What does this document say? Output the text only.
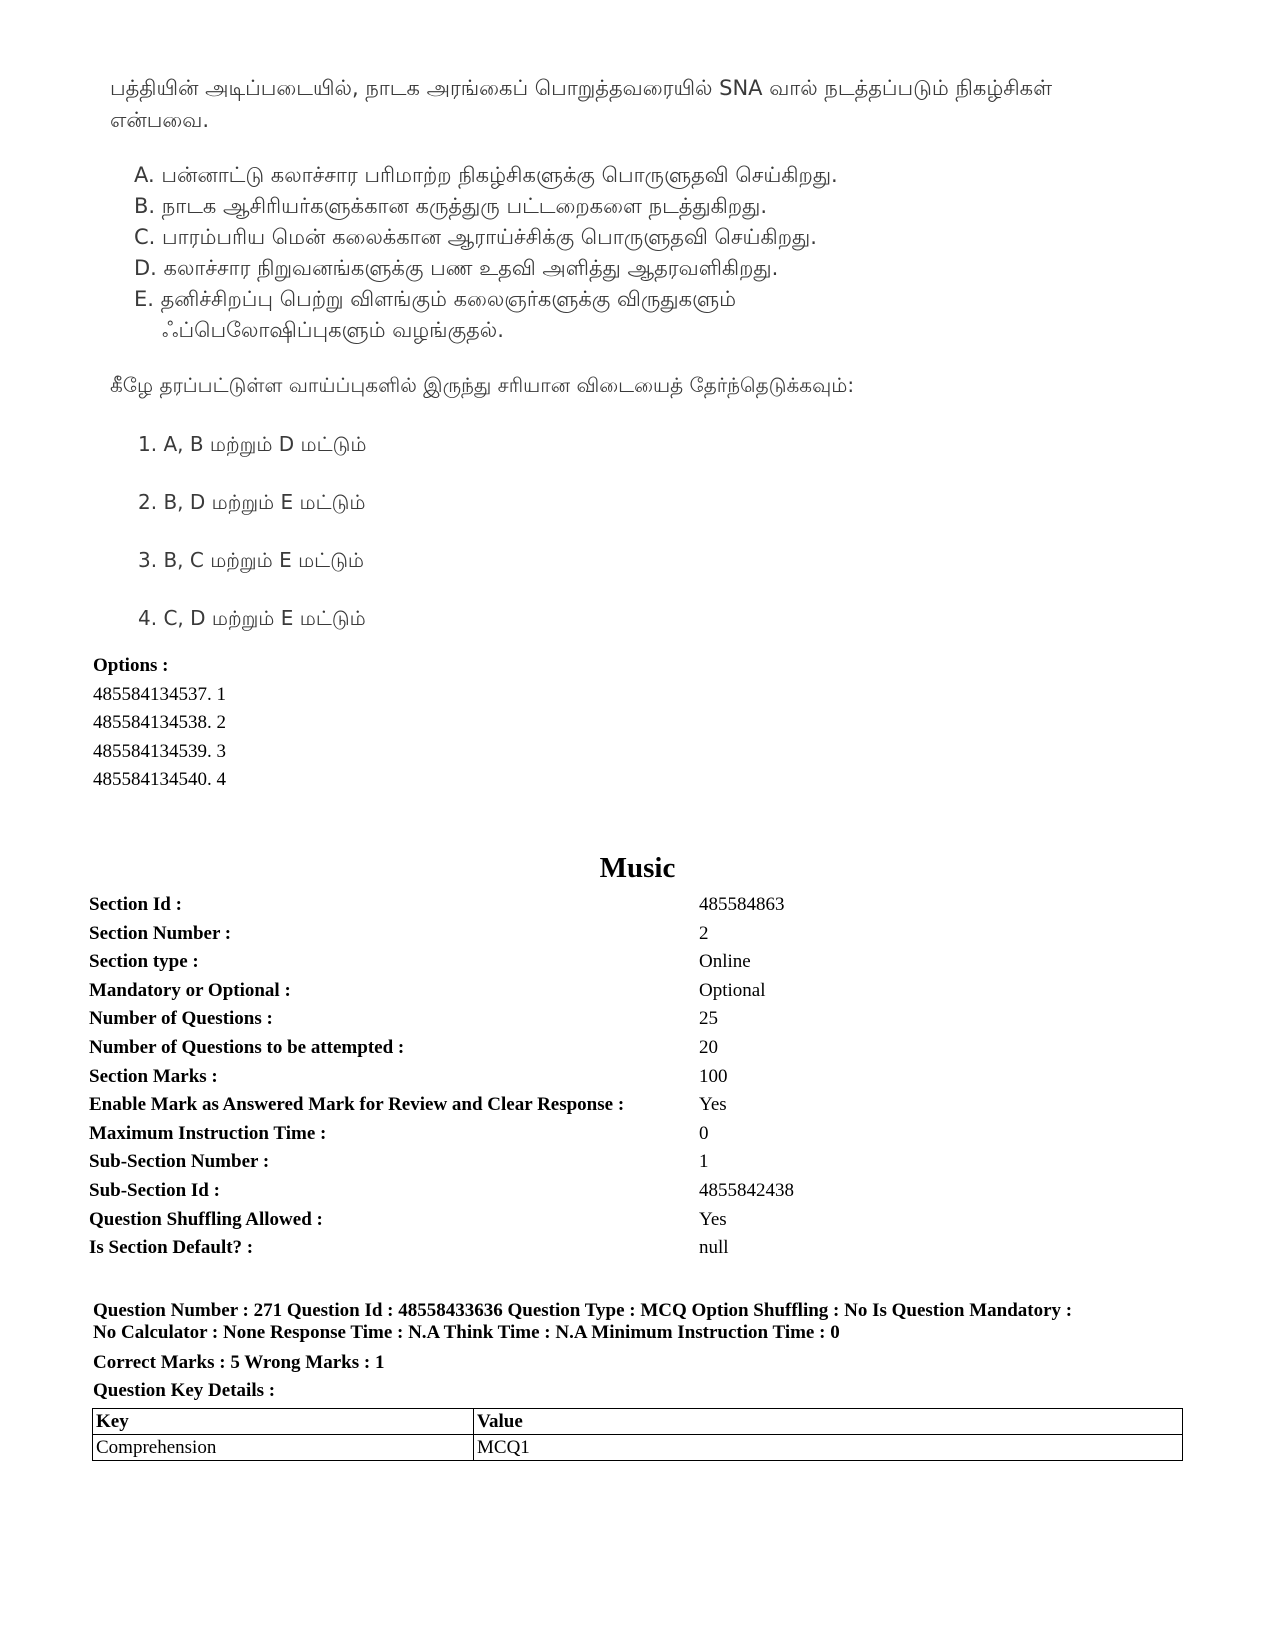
பத்தியின் அடிப்படையில், நாடக அரங்கைப் பொறுத்தவரையில் SNA வால் நடத்தப்படும் நிகழ்சிகள் என்பவை.
A. பன்னாட்டு கலாச்சார பரிமாற்ற நிகழ்சிகளுக்கு பொருளுதவி செய்கிறது.
B. நாடக ஆசிரியர்களுக்கான கருத்துரு பட்டறைகளை நடத்துகிறது.
C. பாரம்பரிய மென் கலைக்கான ஆராய்ச்சிக்கு பொருளுதவி செய்கிறது.
D. கலாச்சார நிறுவனங்களுக்கு பண உதவி அளித்து ஆதரவளிகிறது.
E. தனிச்சிறப்பு பெற்று விளங்கும் கலைஞர்களுக்கு விருதுகளும்
ஃப்பெலோஷிப்புகளும் வழங்குதல்.
கீழே தரப்பட்டுள்ள வாய்ப்புகளில் இருந்து சரியான விடையைத் தேர்ந்தெடுக்கவும்:
1. A, B மற்றும் D மட்டும்
2. B, D மற்றும் E மட்டும்
3. B, C மற்றும் E மட்டும்
4. C, D மற்றும் E மட்டும்
Options :
485584134537. 1
485584134538. 2
485584134539. 3
485584134540. 4
Music
Section Id :	485584863
Section Number :	2
Section type :	Online
Mandatory or Optional :	Optional
Number of Questions :	25
Number of Questions to be attempted :	20
Section Marks :	100
Enable Mark as Answered Mark for Review and Clear Response :	Yes
Maximum Instruction Time :	0
Sub-Section Number :	1
Sub-Section Id :	4855842438
Question Shuffling Allowed :	Yes
Is Section Default? :	null
Question Number : 271 Question Id : 48558433636 Question Type : MCQ Option Shuffling : No Is Question Mandatory :
No Calculator : None Response Time : N.A Think Time : N.A Minimum Instruction Time : 0
Correct Marks : 5 Wrong Marks : 1
Question Key Details :
Key	Value
Comprehension	MCQ1
